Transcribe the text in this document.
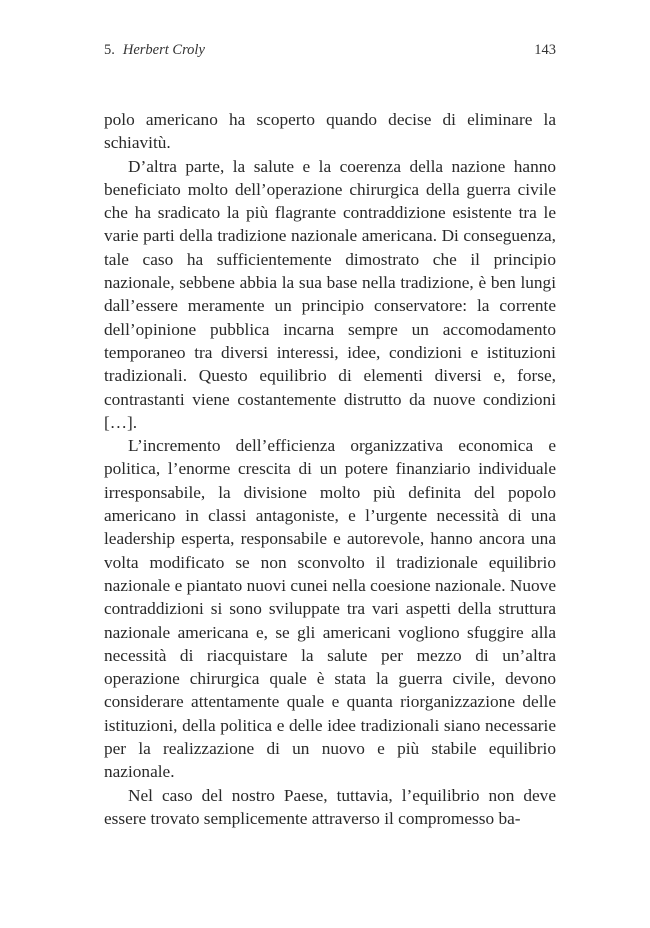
5. Herbert Croly	143

polo americano ha scoperto quando decise di eliminare la schiavitù.

D’altra parte, la salute e la coerenza della nazione hanno beneficiato molto dell’operazione chirurgica della guerra civile che ha sradicato la più flagrante contraddizione esistente tra le varie parti della tradizione nazionale americana. Di conseguenza, tale caso ha sufficientemente dimostrato che il principio nazionale, sebbene abbia la sua base nella tradizione, è ben lungi dall’essere meramente un principio conservatore: la corrente dell’opinione pubblica incarna sempre un accomodamento temporaneo tra diversi interessi, idee, condizioni e istituzioni tradizionali. Questo equilibrio di elementi diversi e, forse, contrastanti viene costantemente distrutto da nuove condizioni […].

L’incremento dell’efficienza organizzativa economica e politica, l’enorme crescita di un potere finanziario individuale irresponsabile, la divisione molto più definita del popolo americano in classi antagoniste, e l’urgente necessità di una leadership esperta, responsabile e autorevole, hanno ancora una volta modificato se non sconvolto il tradizionale equilibrio nazionale e piantato nuovi cunei nella coesione nazionale. Nuove contraddizioni si sono sviluppate tra vari aspetti della struttura nazionale americana e, se gli americani vogliono sfuggire alla necessità di riacquistare la salute per mezzo di un’altra operazione chirurgica quale è stata la guerra civile, devono considerare attentamente quale e quanta riorganizzazione delle istituzioni, della politica e delle idee tradizionali siano necessarie per la realizzazione di un nuovo e più stabile equilibrio nazionale.

Nel caso del nostro Paese, tuttavia, l’equilibrio non deve essere trovato semplicemente attraverso il compromesso ba-
